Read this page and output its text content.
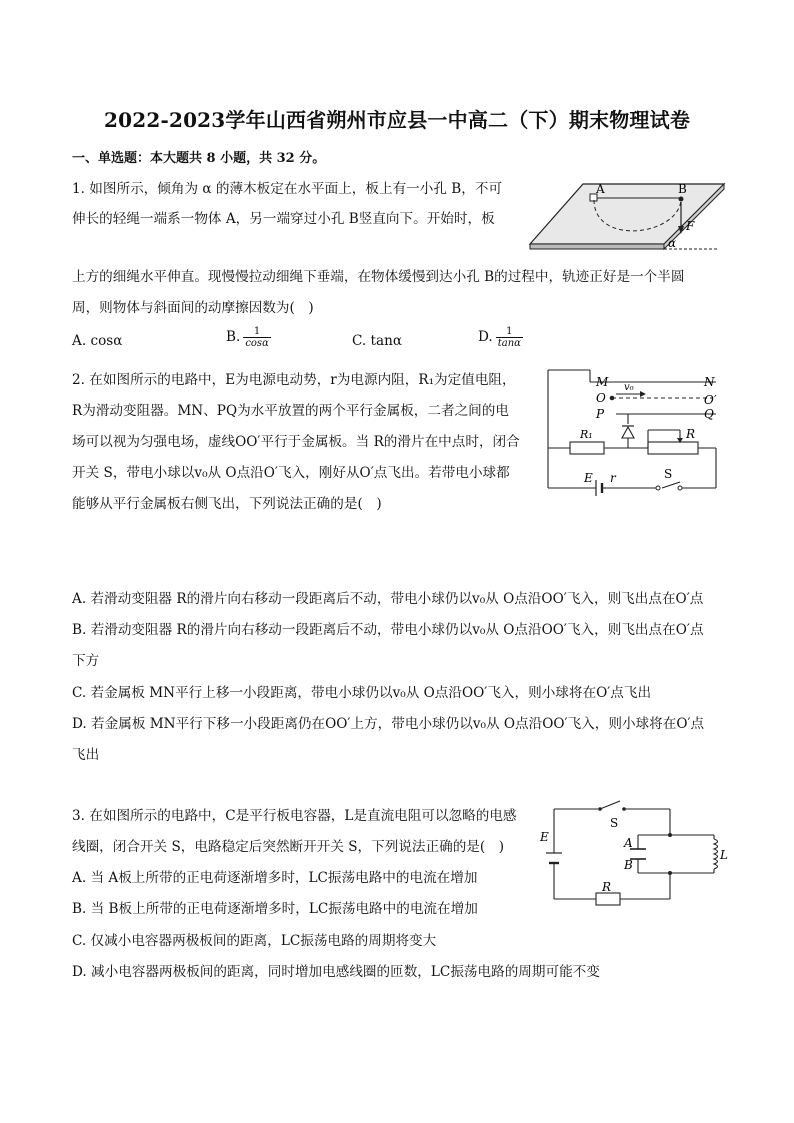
2022-2023学年山西省朔州市应县一中高二（下）期末物理试卷
一、单选题：本大题共 8 小题，共 32 分。
1. 如图所示，倾角为 α 的薄木板定在水平面上，板上有一小孔 B，不可
伸长的轻绳一端系一物体 A，另一端穿过小孔 B竖直向下。开始时，板
上方的细绳水平伸直。现慢慢拉动细绳下垂端，在物体缓慢到达小孔 B的过程中，轨迹正好是一个半圆
周，则物体与斜面间的动摩擦因数为(　)
A. cosα	B. $\frac{1}{\cos\alpha}$	C. tanα	D. $\frac{1}{\tan\alpha}$
A	B
F
α
2. 在如图所示的电路中，E为电源电动势，r为电源内阻，R₁为定值电阻，
R为滑动变阻器。MN、PQ为水平放置的两个平行金属板，二者之间的电
场可以视为匀强电场，虚线OO′平行于金属板。当 R的滑片在中点时，闭合
开关 S，带电小球以v₀从 O点沿O′飞入，刚好从O′点飞出。若带电小球都
能够从平行金属板右侧飞出，下列说法正确的是(　)
A. 若滑动变阻器 R的滑片向右移动一段距离后不动，带电小球仍以v₀从 O点沿OO′飞入，则飞出点在O′点
B. 若滑动变阻器 R的滑片向右移动一段距离后不动，带电小球仍以v₀从 O点沿OO′飞入，则飞出点在O′点
下方
C. 若金属板 MN平行上移一小段距离，带电小球仍以v₀从 O点沿OO′飞入，则小球将在O′点飞出
D. 若金属板 MN平行下移一小段距离仍在OO′上方，带电小球仍以v₀从 O点沿OO′飞入，则小球将在O′点
飞出
M	N
O	O′
P	Q
v₀
R₁	R
E r	S
3. 在如图所示的电路中，C是平行板电容器，L是直流电阻可以忽略的电感
线圈，闭合开关 S，电路稳定后突然断开开关 S，下列说法正确的是(　)
A. 当 A板上所带的正电荷逐渐增多时，LC振荡电路中的电流在增加
B. 当 B板上所带的正电荷逐渐增多时，LC振荡电路中的电流在增加
C. 仅减小电容器两极板间的距离，LC振荡电路的周期将变大
D. 减小电容器两极板间的距离，同时增加电感线圈的匝数，LC振荡电路的周期可能不变
S
E	A
B
L
R
